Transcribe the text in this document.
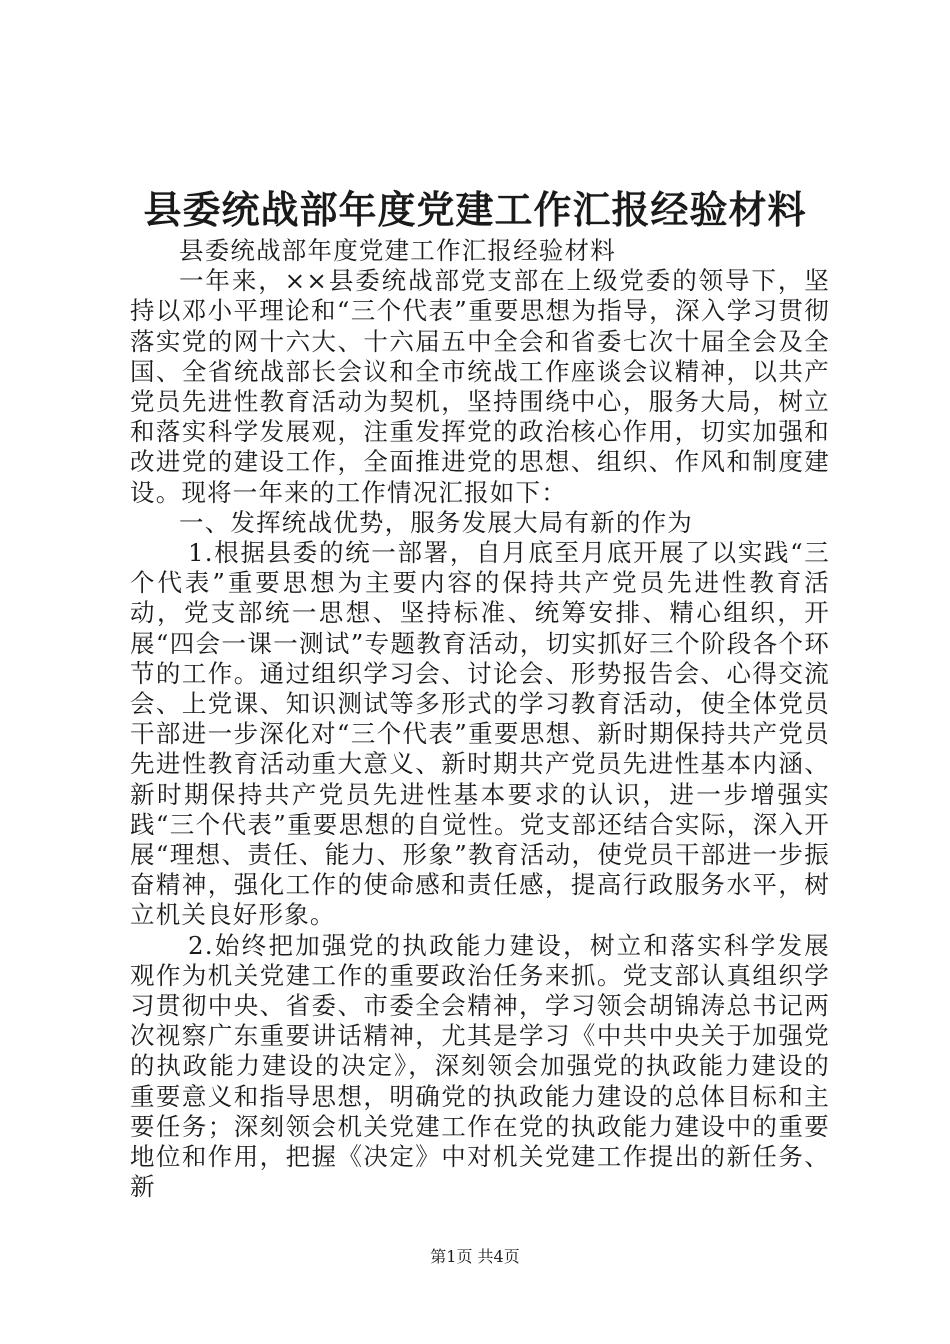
县委统战部年度党建工作汇报经验材料

县委统战部年度党建工作汇报经验材料

一年来，××县委统战部党支部在上级党委的领导下，坚持以邓小平理论和“三个代表”重要思想为指导，深入学习贯彻落实党的网十六大、十六届五中全会和省委七次十届全会及全国、全省统战部长会议和全市统战工作座谈会议精神，以共产党员先进性教育活动为契机，坚持围绕中心，服务大局，树立和落实科学发展观，注重发挥党的政治核心作用，切实加强和改进党的建设工作，全面推进党的思想、组织、作风和制度建设。现将一年来的工作情况汇报如下：

一、发挥统战优势，服务发展大局有新的作为

1.根据县委的统一部署，自月底至月底开展了以实践“三个代表”重要思想为主要内容的保持共产党员先进性教育活动，党支部统一思想、坚持标准、统筹安排、精心组织，开展“四会一课一测试”专题教育活动，切实抓好三个阶段各个环节的工作。通过组织学习会、讨论会、形势报告会、心得交流会、上党课、知识测试等多形式的学习教育活动，使全体党员干部进一步深化对“三个代表”重要思想、新时期保持共产党员先进性教育活动重大意义、新时期共产党员先进性基本内涵、新时期保持共产党员先进性基本要求的认识，进一步增强实践“三个代表”重要思想的自觉性。党支部还结合实际，深入开展“理想、责任、能力、形象”教育活动，使党员干部进一步振奋精神，强化工作的使命感和责任感，提高行政服务水平，树立机关良好形象。

2.始终把加强党的执政能力建设，树立和落实科学发展观作为机关党建工作的重要政治任务来抓。党支部认真组织学习贯彻中央、省委、市委全会精神，学习领会胡锦涛总书记两次视察广东重要讲话精神，尤其是学习《中共中央关于加强党的执政能力建设的决定》，深刻领会加强党的执政能力建设的重要意义和指导思想，明确党的执政能力建设的总体目标和主要任务；深刻领会机关党建工作在党的执政能力建设中的重要地位和作用，把握《决定》中对机关党建工作提出的新任务、新

第1页 共4页
